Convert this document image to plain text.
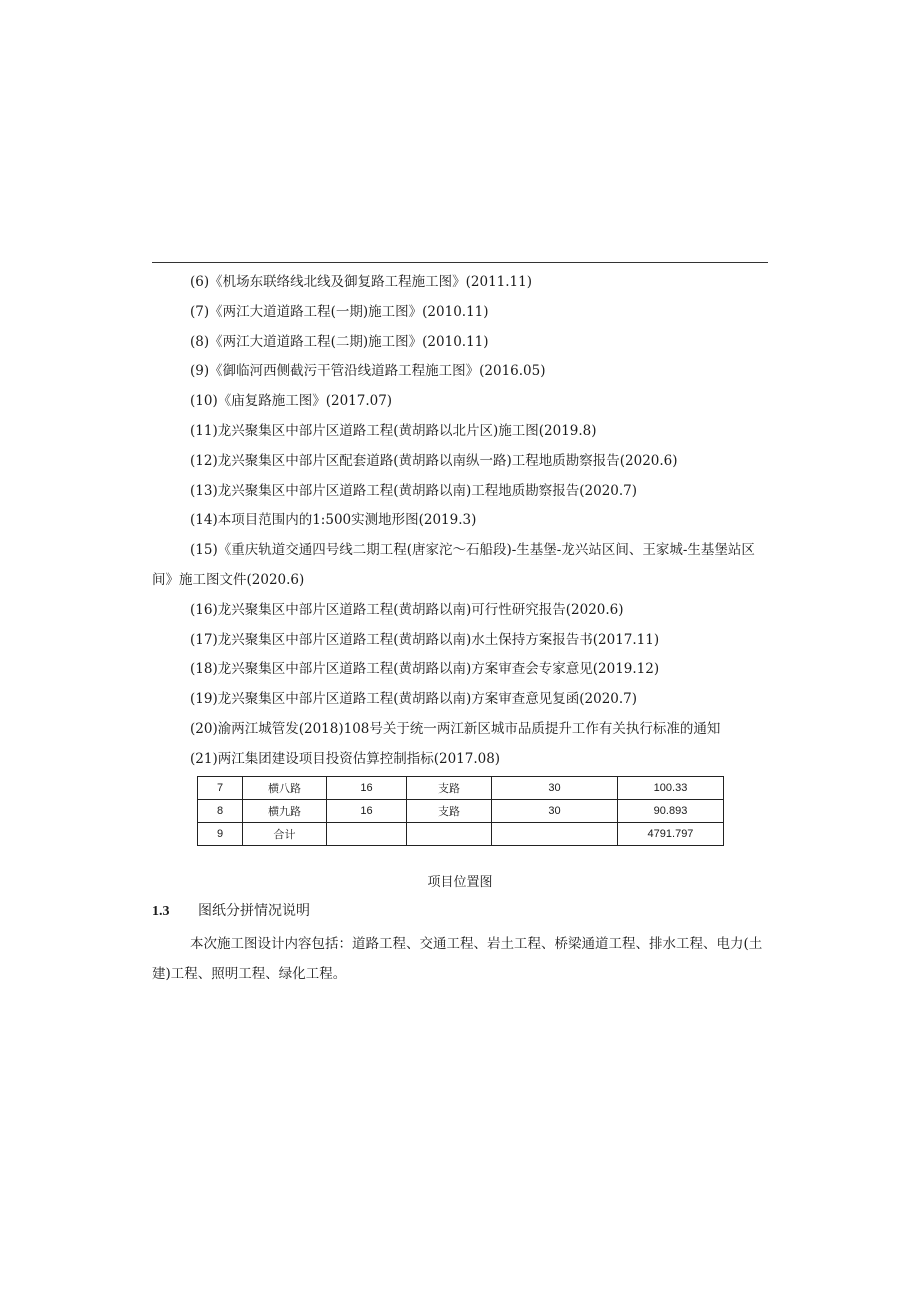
(6)《机场东联络线北线及御复路工程施工图》(2011.11)
(7)《两江大道道路工程(一期)施工图》(2010.11)
(8)《两江大道道路工程(二期)施工图》(2010.11)
(9)《御临河西侧截污干管沿线道路工程施工图》(2016.05)
(10)《庙复路施工图》(2017.07)
(11)龙兴聚集区中部片区道路工程(黄胡路以北片区)施工图(2019.8)
(12)龙兴聚集区中部片区配套道路(黄胡路以南纵一路)工程地质勘察报告(2020.6)
(13)龙兴聚集区中部片区道路工程(黄胡路以南)工程地质勘察报告(2020.7)
(14)本项目范围内的1:500实测地形图(2019.3)
(15)《重庆轨道交通四号线二期工程(唐家沱～石船段)-生基堡-龙兴站区间、王家城-生基堡站区间》施工图文件(2020.6)
(16)龙兴聚集区中部片区道路工程(黄胡路以南)可行性研究报告(2020.6)
(17)龙兴聚集区中部片区道路工程(黄胡路以南)水土保持方案报告书(2017.11)
(18)龙兴聚集区中部片区道路工程(黄胡路以南)方案审查会专家意见(2019.12)
(19)龙兴聚集区中部片区道路工程(黄胡路以南)方案审查意见复函(2020.7)
(20)渝两江城管发(2018)108号关于统一两江新区城市品质提升工作有关执行标准的通知
(21)两江集团建设项目投资估算控制指标(2017.08)
7	横八路	16	支路	30	100.33
8	横九路	16	支路	30	90.893
9	合计				4791.797
项目位置图
1.3 图纸分拼情况说明
本次施工图设计内容包括：道路工程、交通工程、岩土工程、桥梁通道工程、排水工程、电力(土建)工程、照明工程、绿化工程。
